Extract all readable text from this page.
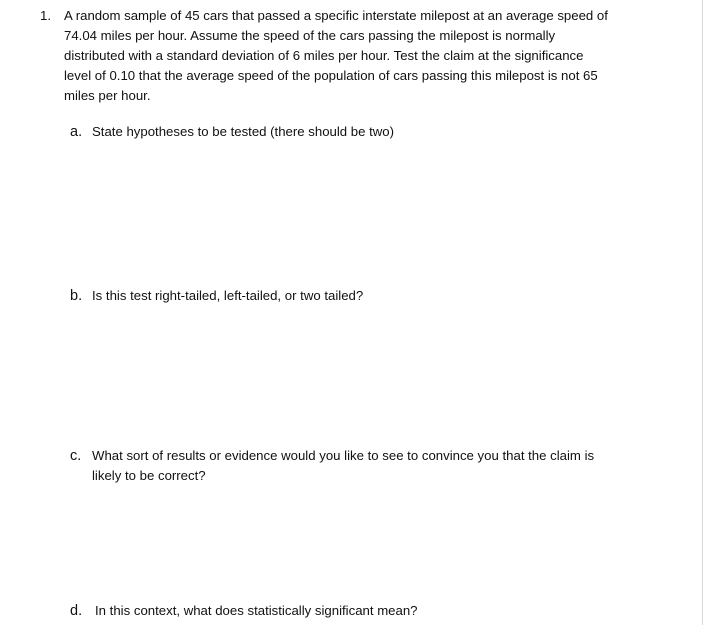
1. A random sample of 45 cars that passed a specific interstate milepost at an average speed of
74.04 miles per hour. Assume the speed of the cars passing the milepost is normally
distributed with a standard deviation of 6 miles per hour. Test the claim at the significance
level of 0.10 that the average speed of the population of cars passing this milepost is not 65
miles per hour.
a. State hypotheses to be tested (there should be two)
b. Is this test right-tailed, left-tailed, or two tailed?
c. What sort of results or evidence would you like to see to convince you that the claim is
likely to be correct?
d. In this context, what does statistically significant mean?
